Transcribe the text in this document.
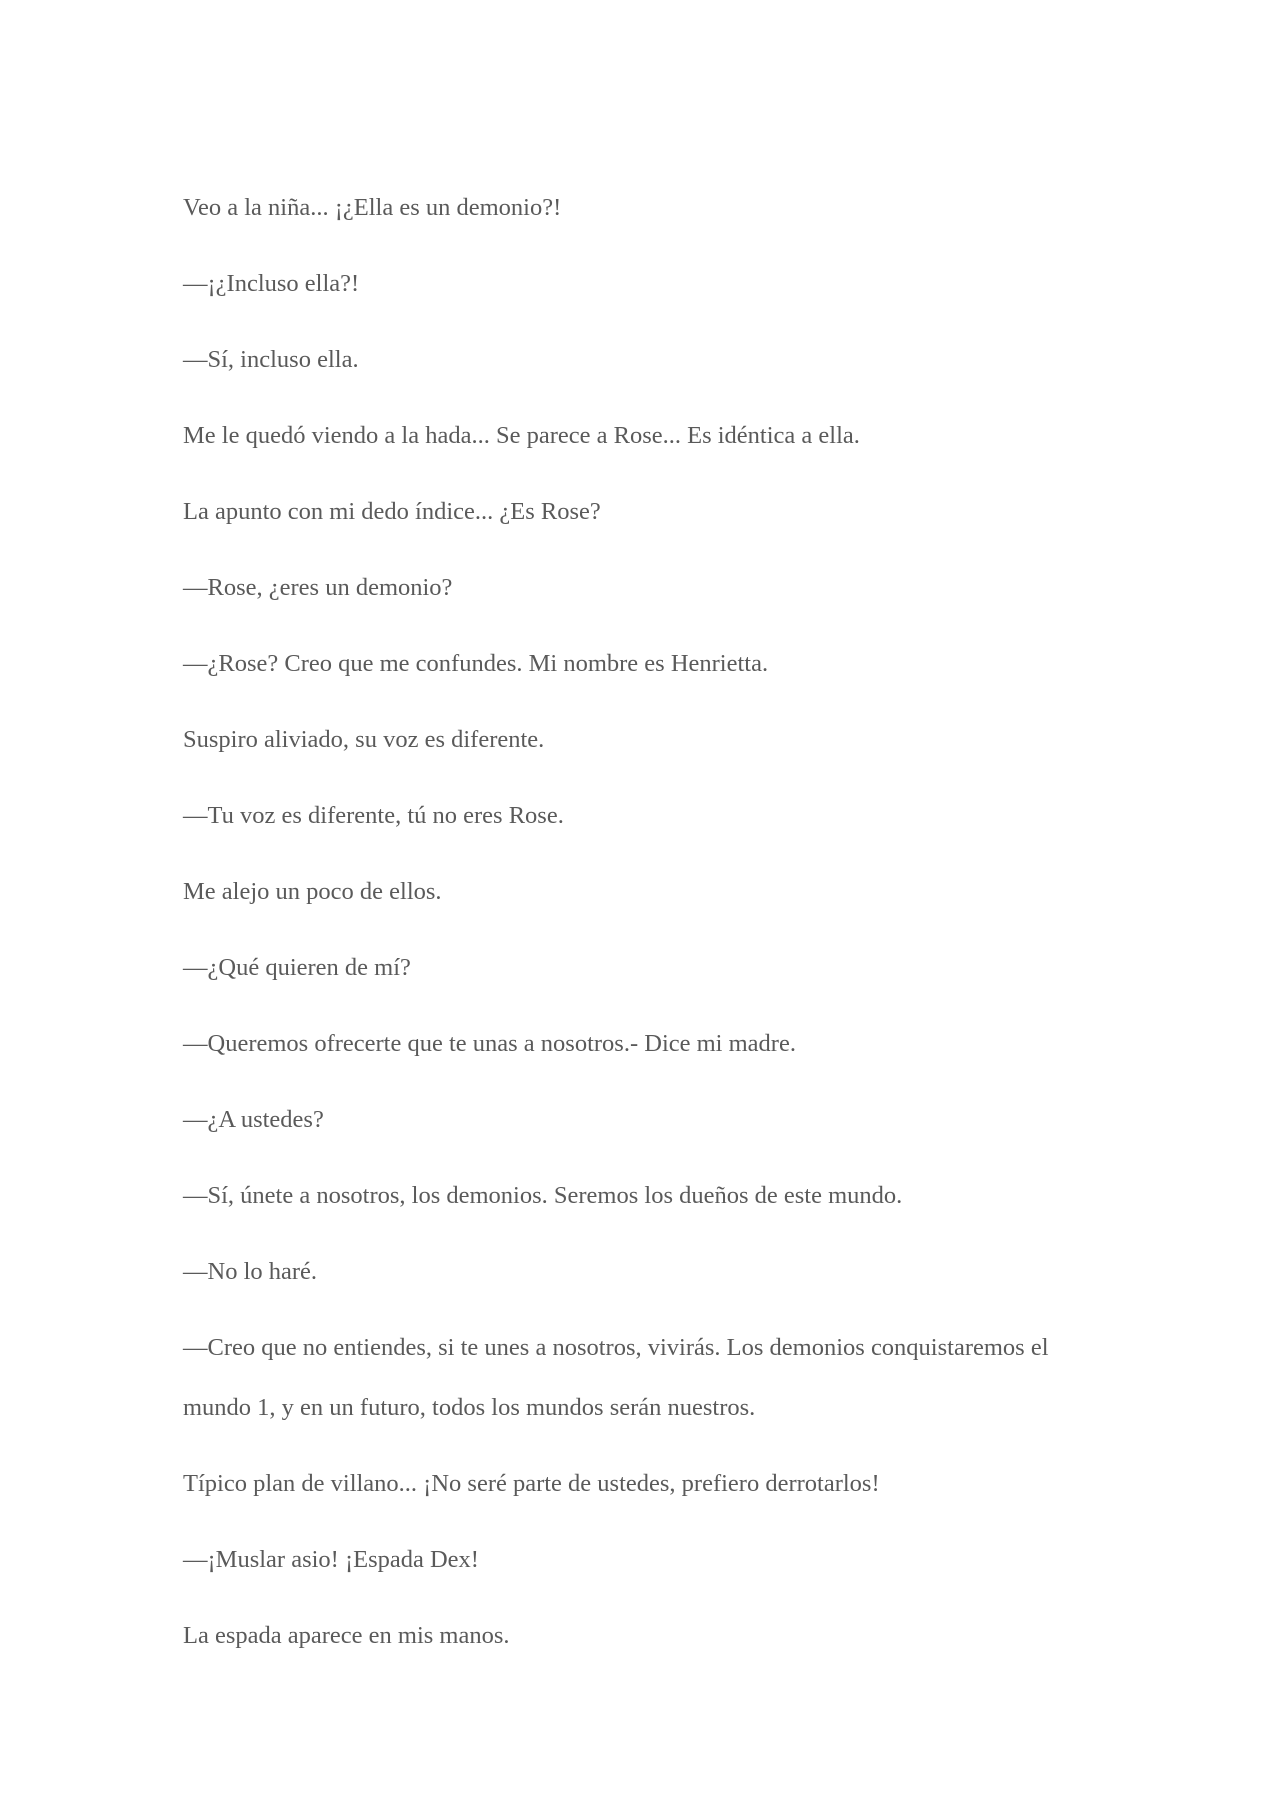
Veo a la niña... ¡¿Ella es un demonio?!

—¡¿Incluso ella?!

—Sí, incluso ella.

Me le quedó viendo a la hada... Se parece a Rose... Es idéntica a ella.

La apunto con mi dedo índice... ¿Es Rose?

—Rose, ¿eres un demonio?

—¿Rose? Creo que me confundes. Mi nombre es Henrietta.

Suspiro aliviado, su voz es diferente.

—Tu voz es diferente, tú no eres Rose.

Me alejo un poco de ellos.

—¿Qué quieren de mí?

—Queremos ofrecerte que te unas a nosotros.- Dice mi madre.

—¿A ustedes?

—Sí, únete a nosotros, los demonios. Seremos los dueños de este mundo.

—No lo haré.

—Creo que no entiendes, si te unes a nosotros, vivirás. Los demonios conquistaremos el mundo 1, y en un futuro, todos los mundos serán nuestros.

Típico plan de villano... ¡No seré parte de ustedes, prefiero derrotarlos!

—¡Muslar asio! ¡Espada Dex!

La espada aparece en mis manos.
